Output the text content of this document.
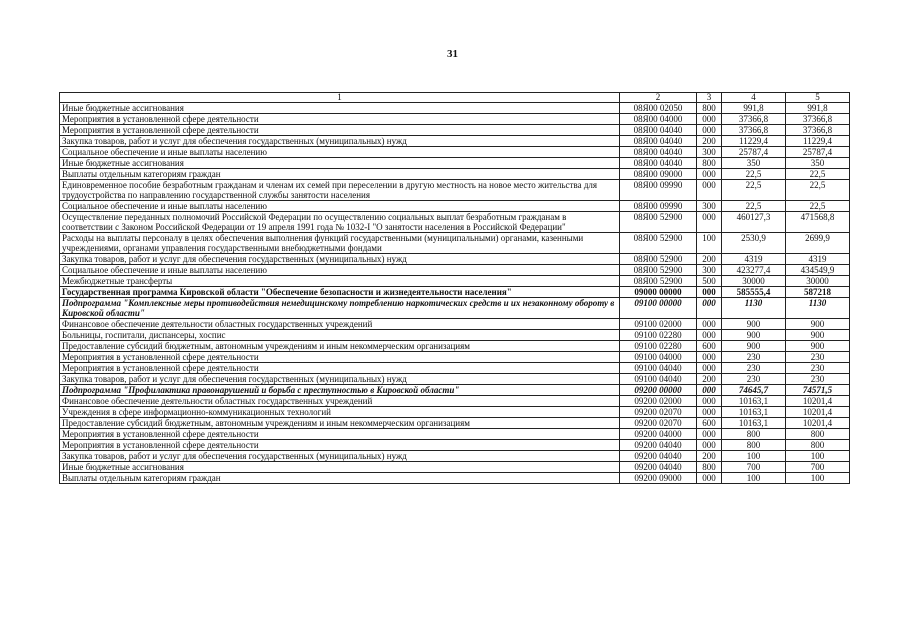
31
1	2	3	4	5
Иные бюджетные ассигнования	08Я00 02050	800	991,8	991,8
Мероприятия в установленной сфере деятельности	08Я00 04000	000	37366,8	37366,8
Мероприятия в установленной сфере деятельности	08Я00 04040	000	37366,8	37366,8
Закупка товаров, работ и услуг для обеспечения государственных (муниципальных) нужд	08Я00 04040	200	11229,4	11229,4
Социальное обеспечение и иные выплаты населению	08Я00 04040	300	25787,4	25787,4
Иные бюджетные ассигнования	08Я00 04040	800	350	350
Выплаты отдельным категориям граждан	08Я00 09000	000	22,5	22,5
Единовременное пособие безработным гражданам и членам их семей при переселении в другую местность на новое место жительства для трудоустройства по направлению государственной службы занятости населения	08Я00 09990	000	22,5	22,5
Социальное обеспечение и иные выплаты населению	08Я00 09990	300	22,5	22,5
Осуществление переданных полномочий Российской Федерации по осуществлению социальных выплат безработным гражданам в соответствии с Законом Российской Федерации от 19 апреля 1991 года № 1032-I "О занятости населения в Российской Федерации"	08Я00 52900	000	460127,3	471568,8
Расходы на выплаты персоналу в целях обеспечения выполнения функций государственными (муниципальными) органами, казенными учреждениями, органами управления государственными внебюджетными фондами	08Я00 52900	100	2530,9	2699,9
Закупка товаров, работ и услуг для обеспечения государственных (муниципальных) нужд	08Я00 52900	200	4319	4319
Социальное обеспечение и иные выплаты населению	08Я00 52900	300	423277,4	434549,9
Межбюджетные трансферты	08Я00 52900	500	30000	30000
Государственная программа Кировской области "Обеспечение безопасности и жизнедеятельности населения"	09000 00000	000	585555,4	587218
Подпрограмма "Комплексные меры противодействия немедицинскому потреблению наркотических средств и их незаконному обороту в Кировской области"	09100 00000	000	1130	1130
Финансовое обеспечение деятельности областных государственных учреждений	09100 02000	000	900	900
Больницы, госпитали, диспансеры, хоспис	09100 02280	000	900	900
Предоставление субсидий бюджетным, автономным учреждениям и иным некоммерческим организациям	09100 02280	600	900	900
Мероприятия в установленной сфере деятельности	09100 04000	000	230	230
Мероприятия в установленной сфере деятельности	09100 04040	000	230	230
Закупка товаров, работ и услуг для обеспечения государственных (муниципальных) нужд	09100 04040	200	230	230
Подпрограмма "Профилактика правонарушений и борьба с преступностью в Кировской области"	09200 00000	000	74645,7	74571,5
Финансовое обеспечение деятельности областных государственных учреждений	09200 02000	000	10163,1	10201,4
Учреждения в сфере информационно-коммуникационных технологий	09200 02070	000	10163,1	10201,4
Предоставление субсидий бюджетным, автономным учреждениям и иным некоммерческим организациям	09200 02070	600	10163,1	10201,4
Мероприятия в установленной сфере деятельности	09200 04000	000	800	800
Мероприятия в установленной сфере деятельности	09200 04040	000	800	800
Закупка товаров, работ и услуг для обеспечения государственных (муниципальных) нужд	09200 04040	200	100	100
Иные бюджетные ассигнования	09200 04040	800	700	700
Выплаты отдельным категориям граждан	09200 09000	000	100	100
